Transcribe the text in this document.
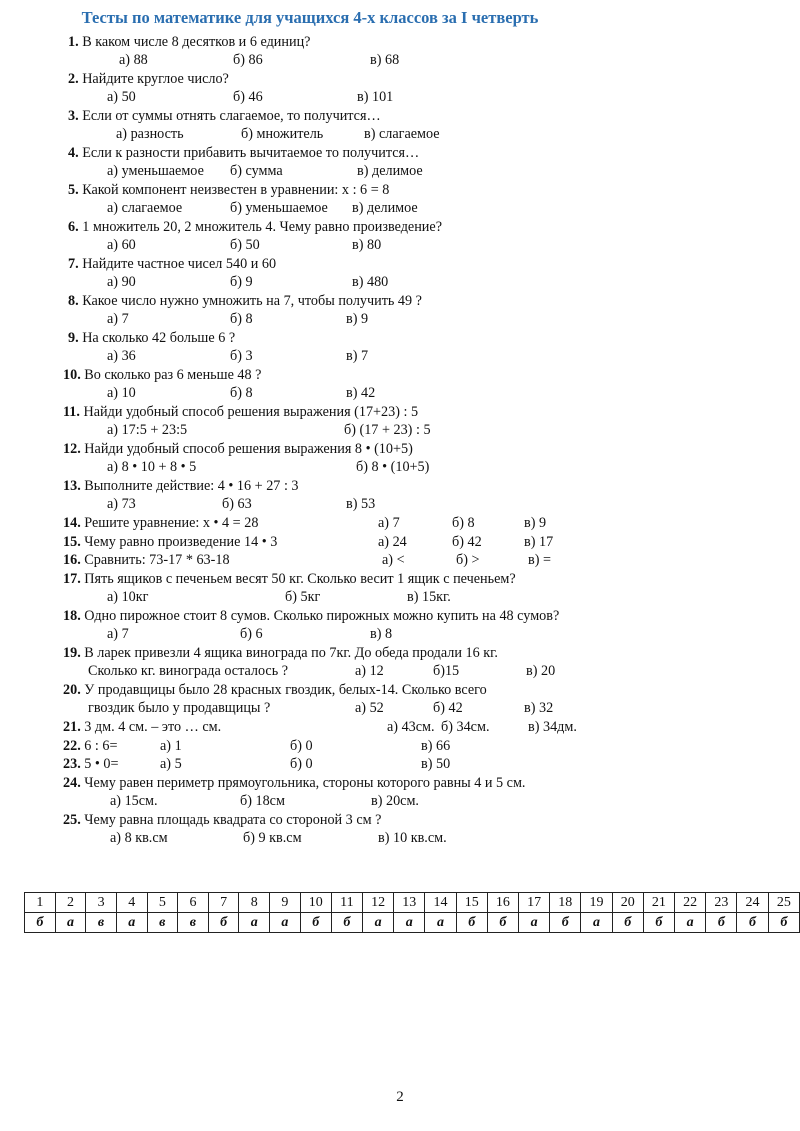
Тесты по математике для учащихся 4-х классов за I четверть
1. В каком числе 8 десятков и 6 единиц?
а) 88	б) 86	в) 68
2. Найдите круглое число?
а) 50	б) 46	в) 101
3. Если от суммы отнять слагаемое, то получится…
а) разность	б) множитель	в) слагаемое
4. Если к разности прибавить вычитаемое то получится…
а) уменьшаемое б) сумма	в) делимое
5. Какой компонент неизвестен в уравнении: х : 6 = 8
а) слагаемое	б) уменьшаемое в) делимое
6. 1 множитель 20, 2 множитель 4. Чему равно произведение?
а) 60	б) 50	в) 80
7. Найдите частное чисел 540 и 60
а) 90	б) 9	в) 480
8. Какое число нужно умножить на 7, чтобы получить 49 ?
а) 7	б) 8	в) 9
9. На сколько 42 больше 6 ?
а) 36	б) 3	в) 7
10. Во сколько раз 6 меньше 48 ?
а) 10	б) 8	в) 42
11. Найди удобный способ решения выражения (17+23) : 5
а) 17:5 + 23:5	б) (17 + 23) : 5
12. Найди удобный способ решения выражения 8 • (10+5)
а) 8 • 10 + 8 • 5	б) 8 • (10+5)
13. Выполните действие: 4 • 16 + 27 : 3
а) 73	б) 63	в) 53
14. Решите уравнение: х • 4 = 28	а) 7	б) 8	в) 9
15. Чему равно произведение 14 • 3	а) 24	б) 42	в) 17
16. Сравнить: 73-17 * 63-18	а) <	б) >	в) =
17. Пять ящиков с печеньем весят 50 кг. Сколько весит 1 ящик с печеньем?
а) 10кг	б) 5кг	в) 15кг.
18. Одно пирожное стоит 8 сумов. Сколько пирожных можно купить на 48 сумов?
а) 7	б) 6	в) 8
19. В ларек привезли 4 ящика винограда по 7кг. До обеда продали 16 кг.
Сколько кг. винограда осталось ?	а) 12	б)15	в) 20
20. У продавщицы было 28 красных гвоздик, белых-14. Сколько всего
гвоздик было у продавщицы ?	а) 52	б) 42	в) 32
21. 3 дм. 4 см. – это … см.	а) 43см. б) 34см.	в) 34дм.
22. 6 : 6=	а) 1	б) 0	в) 66
23. 5 • 0=	а) 5	б) 0	в) 50
24. Чему равен периметр прямоугольника, стороны которого равны 4 и 5 см.
а) 15см.	б) 18см	в) 20см.
25. Чему равна площадь квадрата со стороной 3 см ?
а) 8 кв.см	б) 9 кв.см	в) 10 кв.см.
1	2	3	4	5	6	7	8	9	10	11	12	13	14	15	16	17	18	19	20	21	22	23	24	25
б	а	в	а	в	в	б	а	а	б	б	а	а	а	б	б	а	б	а	б	б	а	б	б	б
2
